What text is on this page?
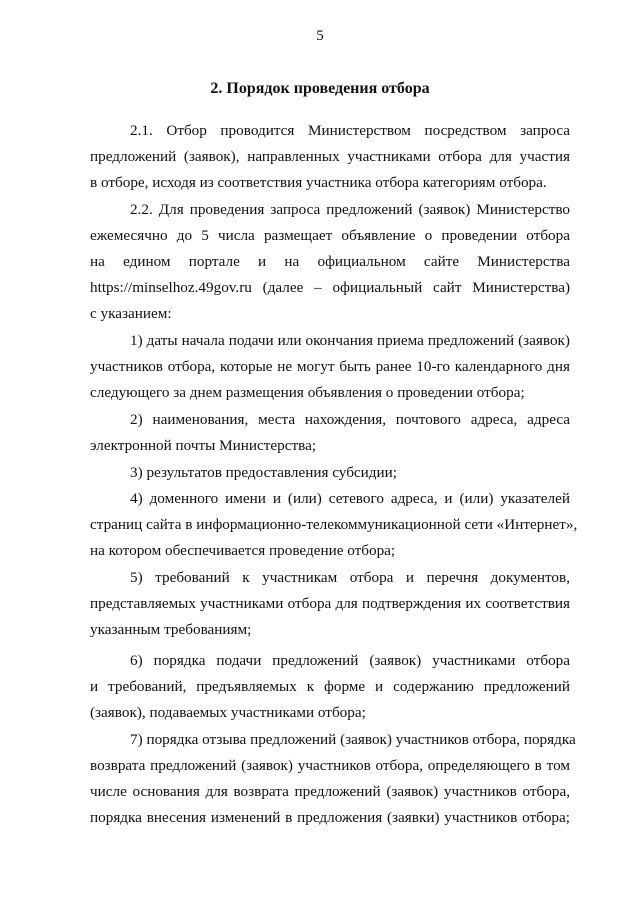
5
2. Порядок проведения отбора
2.1. Отбор проводится Министерством посредством запроса
предложений (заявок), направленных участниками отбора для участия
в отборе, исходя из соответствия участника отбора категориям отбора.
2.2. Для проведения запроса предложений (заявок) Министерство
ежемесячно до 5 числа размещает объявление о проведении отбора
на едином портале и на официальном сайте Министерства
https://minselhoz.49gov.ru (далее – официальный сайт Министерства)
с указанием:
1) даты начала подачи или окончания приема предложений (заявок)
участников отбора, которые не могут быть ранее 10-го календарного дня
следующего за днем размещения объявления о проведении отбора;
2) наименования, места нахождения, почтового адреса, адреса
электронной почты Министерства;
3) результатов предоставления субсидии;
4) доменного имени и (или) сетевого адреса, и (или) указателей
страниц сайта в информационно-телекоммуникационной сети «Интернет»,
на котором обеспечивается проведение отбора;
5) требований к участникам отбора и перечня документов,
представляемых участниками отбора для подтверждения их соответствия
указанным требованиям;
6) порядка подачи предложений (заявок) участниками отбора
и требований, предъявляемых к форме и содержанию предложений
(заявок), подаваемых участниками отбора;
7) порядка отзыва предложений (заявок) участников отбора, порядка
возврата предложений (заявок) участников отбора, определяющего в том
числе основания для возврата предложений (заявок) участников отбора,
порядка внесения изменений в предложения (заявки) участников отбора;
